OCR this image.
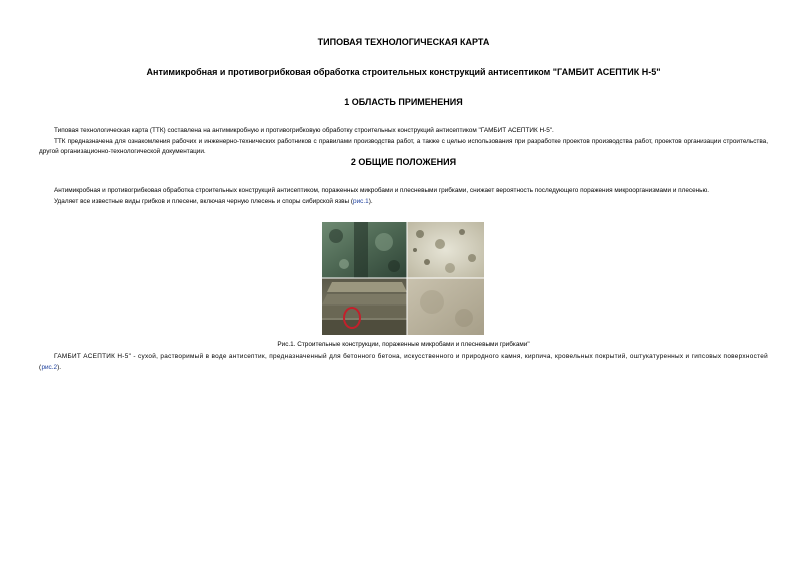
ТИПОВАЯ ТЕХНОЛОГИЧЕСКАЯ КАРТА
Антимикробная и противогрибковая обработка строительных конструкций антисептиком "ГАМБИТ АСЕПТИК Н-5"
1 ОБЛАСТЬ ПРИМЕНЕНИЯ

Типовая технологическая карта (ТТК) составлена на антимикробную и противогрибковую обработку строительных конструкций антисептиком "ГАМБИТ АСЕПТИК Н-5".

ТТК предназначена для ознакомления рабочих и инженерно-технических работников с правилами производства работ, а также с целью использования при разработке проектов производства работ, проектов организации строительства, другой организационно-технологической документации.

2 ОБЩИЕ ПОЛОЖЕНИЯ

Антимикробная и противогрибковая обработка строительных конструкций антисептиком, пораженных микробами и плесневыми грибками, снижает вероятность последующего поражения микроорганизмами и плесенью.

Удаляет все известные виды грибков и плесени, включая черную плесень и споры сибирской язвы (рис.1).

Рис.1. Строительные конструкции, пораженные микробами и плесневыми грибками"

ГАМБИТ АСЕПТИК Н-5" - сухой, растворимый в воде антисептик, предназначенный для бетонного бетона, искусственного и природного камня, кирпича, кровельных покрытий, оштукатуренных и гипсовых поверхностей (рис.2).
